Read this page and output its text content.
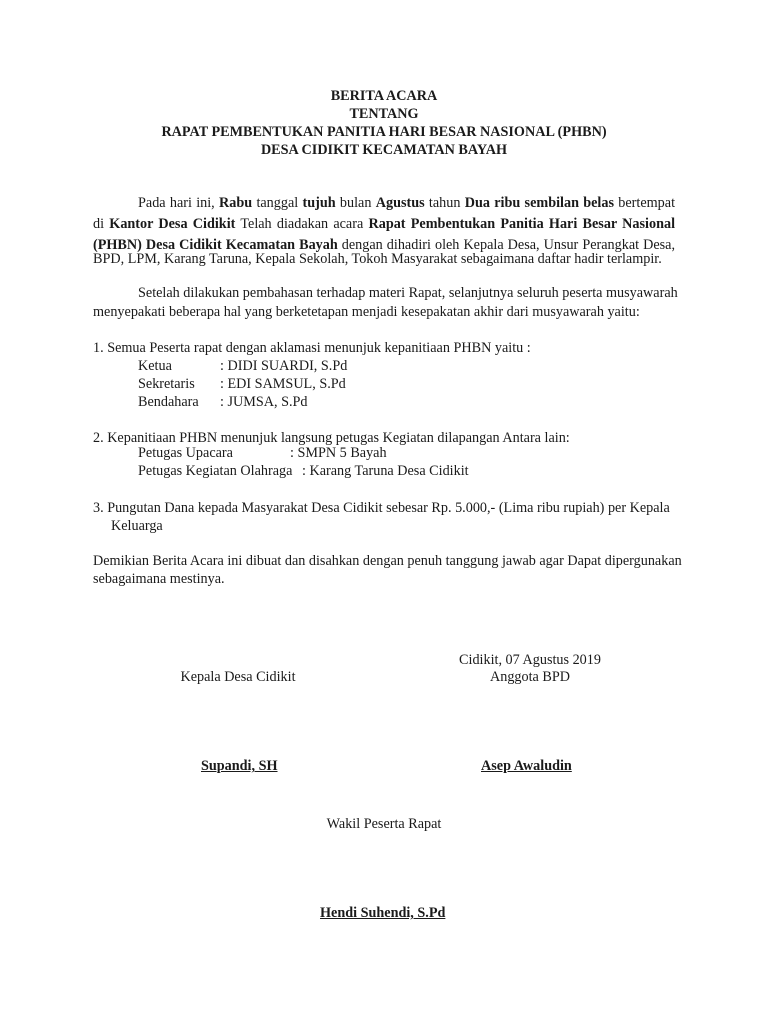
BERITA ACARA
TENTANG
RAPAT PEMBENTUKAN PANITIA HARI BESAR NASIONAL (PHBN)
DESA CIDIKIT KECAMATAN BAYAH
Pada hari ini, Rabu tanggal tujuh bulan Agustus tahun Dua ribu sembilan belas bertempat
di Kantor Desa Cidikit Telah diadakan acara Rapat Pembentukan Panitia Hari Besar Nasional
(PHBN) Desa Cidikit Kecamatan Bayah dengan dihadiri oleh Kepala Desa, Unsur Perangkat Desa,
BPD, LPM, Karang Taruna, Kepala Sekolah, Tokoh Masyarakat sebagaimana daftar hadir terlampir.
Setelah dilakukan pembahasan terhadap materi Rapat, selanjutnya seluruh peserta musyawarah
menyepakati beberapa hal yang berketetapan menjadi kesepakatan akhir dari musyawarah yaitu:
1. Semua Peserta rapat dengan aklamasi menunjuk kepanitiaan PHBN yaitu :
Ketua	: DIDI SUARDI, S.Pd
Sekretaris : EDI SAMSUL, S.Pd
Bendahara : JUMSA, S.Pd
2. Kepanitiaan PHBN menunjuk langsung petugas Kegiatan dilapangan Antara lain:
Petugas Upacara	: SMPN 5 Bayah
Petugas Kegiatan Olahraga : Karang Taruna Desa Cidikit
3. Pungutan Dana kepada Masyarakat Desa Cidikit sebesar Rp. 5.000,- (Lima ribu rupiah) per Kepala
Keluarga
Demikian Berita Acara ini dibuat dan disahkan dengan penuh tanggung jawab agar Dapat dipergunakan
sebagaimana mestinya.
Cidikit, 07 Agustus 2019
Kepala Desa Cidikit	Anggota BPD
Supandi, SH	Asep Awaludin
Wakil Peserta Rapat
Hendi Suhendi, S.Pd
